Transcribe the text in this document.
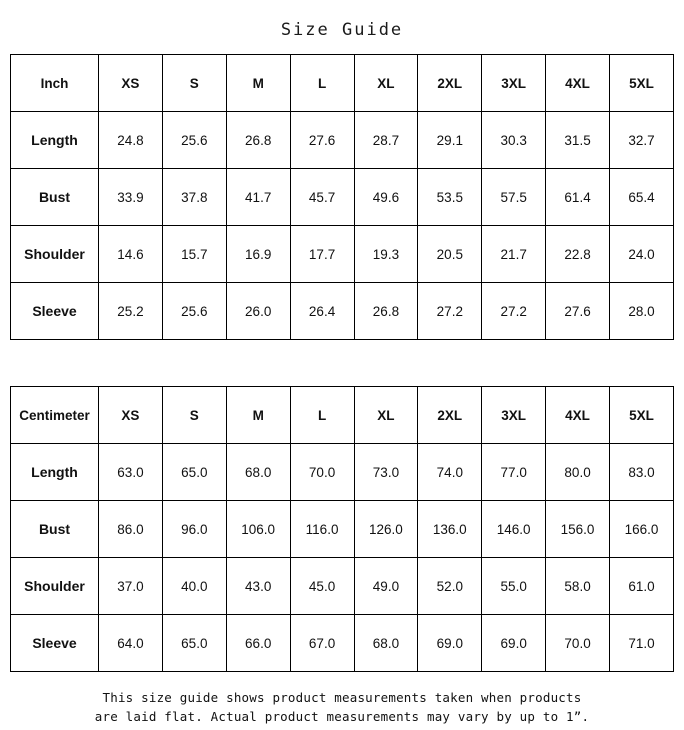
Size Guide
Inch	XS	S	M	L	XL	2XL	3XL	4XL	5XL
Length	24.8	25.6	26.8	27.6	28.7	29.1	30.3	31.5	32.7
Bust	33.9	37.8	41.7	45.7	49.6	53.5	57.5	61.4	65.4
Shoulder	14.6	15.7	16.9	17.7	19.3	20.5	21.7	22.8	24.0
Sleeve	25.2	25.6	26.0	26.4	26.8	27.2	27.2	27.6	28.0
Centimeter	XS	S	M	L	XL	2XL	3XL	4XL	5XL
Length	63.0	65.0	68.0	70.0	73.0	74.0	77.0	80.0	83.0
Bust	86.0	96.0	106.0	116.0	126.0	136.0	146.0	156.0	166.0
Shoulder	37.0	40.0	43.0	45.0	49.0	52.0	55.0	58.0	61.0
Sleeve	64.0	65.0	66.0	67.0	68.0	69.0	69.0	70.0	71.0
This size guide shows product measurements taken when products
are laid flat. Actual product measurements may vary by up to 1”.
